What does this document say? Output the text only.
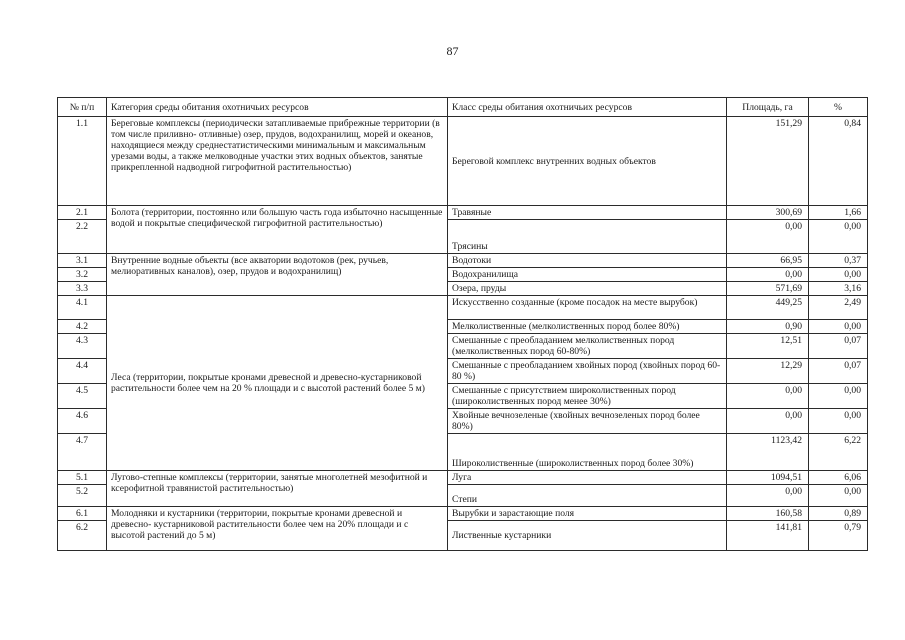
87
№ п/п	Категория среды обитания охотничьих ресурсов	Класс среды обитания охотничьих ресурсов	Площадь, га	%
1.1	Береговые комплексы (периодически затапливаемые прибрежные территории (в том числе приливно- отливные) озер, прудов, водохранилищ, морей и океанов, находящиеся между среднестатистическими минимальным и максимальным урезами воды, а также мелководные участки этих водных объектов, занятые прикрепленной надводной гигрофитной растительностью)	Береговой комплекс внутренних водных объектов	151,29	0,84
2.1	Болота (территории, постоянно или большую часть года избыточно насыщенные водой и покрытые специфической гигрофитной растительностью)	Травяные	300,69	1,66
2.2		Трясины	0,00	0,00
3.1	Внутренние водные объекты (все акватории водотоков (рек, ручьев, мелиоративных каналов), озер, прудов и водохранилищ)	Водотоки	66,95	0,37
3.2		Водохранилища	0,00	0,00
3.3		Озера, пруды	571,69	3,16
4.1	Леса (территории, покрытые кронами древесной и древесно-кустарниковой растительности более чем на 20 % площади и с высотой растений более 5 м)	Искусственно созданные (кроме посадок на месте вырубок)	449,25	2,49
4.2		Мелколиственные (мелколиственных пород более 80%)	0,90	0,00
4.3		Смешанные с преобладанием мелколиственных пород (мелколиственных пород 60-80%)	12,51	0,07
4.4		Смешанные с преобладанием хвойных пород (хвойных пород 60-80 %)	12,29	0,07
4.5		Смешанные с присутствием широколиственных пород (широколиственных пород менее 30%)	0,00	0,00
4.6		Хвойные вечнозеленые (хвойных вечнозеленых пород более 80%)	0,00	0,00
4.7		Широколиственные (широколиственных пород более 30%)	1123,42	6,22
5.1	Лугово-степные комплексы (территории, занятые многолетней мезофитной и ксерофитной травянистой растительностью)	Луга	1094,51	6,06
5.2		Степи	0,00	0,00
6.1	Молодняки и кустарники (территории, покрытые кронами древесной и древесно- кустарниковой растительности более чем на 20% площади и с высотой растений до 5 м)	Вырубки и зарастающие поля	160,58	0,89
6.2		Лиственные кустарники	141,81	0,79
